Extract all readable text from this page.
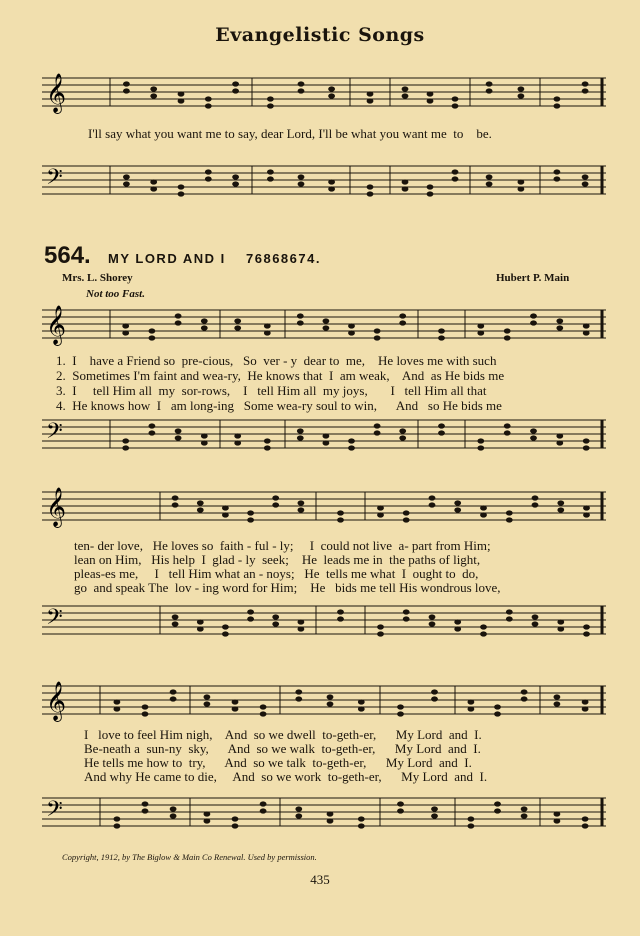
Evangelistic Songs
𝄞
𝄢
I'll say what you want me to say, dear Lord, I'll be what you want me  to    be.
564. MY LORD AND I 76868674.
Mrs. L. Shorey	Hubert P. Main
Not too Fast.
𝄞
1.  I    have a Friend so  pre-cious,   So  ver - y  dear to  me,    He loves me with such
2.  Sometimes I'm faint and wea-ry,  He knows that  I  am weak,    And  as He bids me
3.  I     tell Him all  my  sor-rows,    I   tell Him all  my joys,       I   tell Him all that
4.  He knows how  I   am long-ing   Some wea-ry soul to win,      And   so He bids me
𝄢
𝄞
ten- der love,   He loves so  faith - ful - ly;     I  could not live  a- part from Him;
lean on Him,   His help  I  glad - ly  seek;    He  leads me in  the paths of light,
pleas-es me,     I   tell Him what an - noys;   He  tells me what  I  ought to  do,
go  and speak The  lov - ing word for Him;    He   bids me tell His wondrous love,
𝄢
𝄞
I   love to feel Him nigh,    And  so we dwell  to-geth-er,      My Lord  and  I.
Be-neath a  sun-ny  sky,      And  so we walk  to-geth-er,      My Lord  and  I.
He tells me how to  try,      And  so we talk  to-geth-er,      My Lord  and  I.
And why He came to die,     And  so we work  to-geth-er,      My Lord  and  I.
𝄢
Copyright, 1912, by The Biglow & Main Co Renewal. Used by permission.
435
